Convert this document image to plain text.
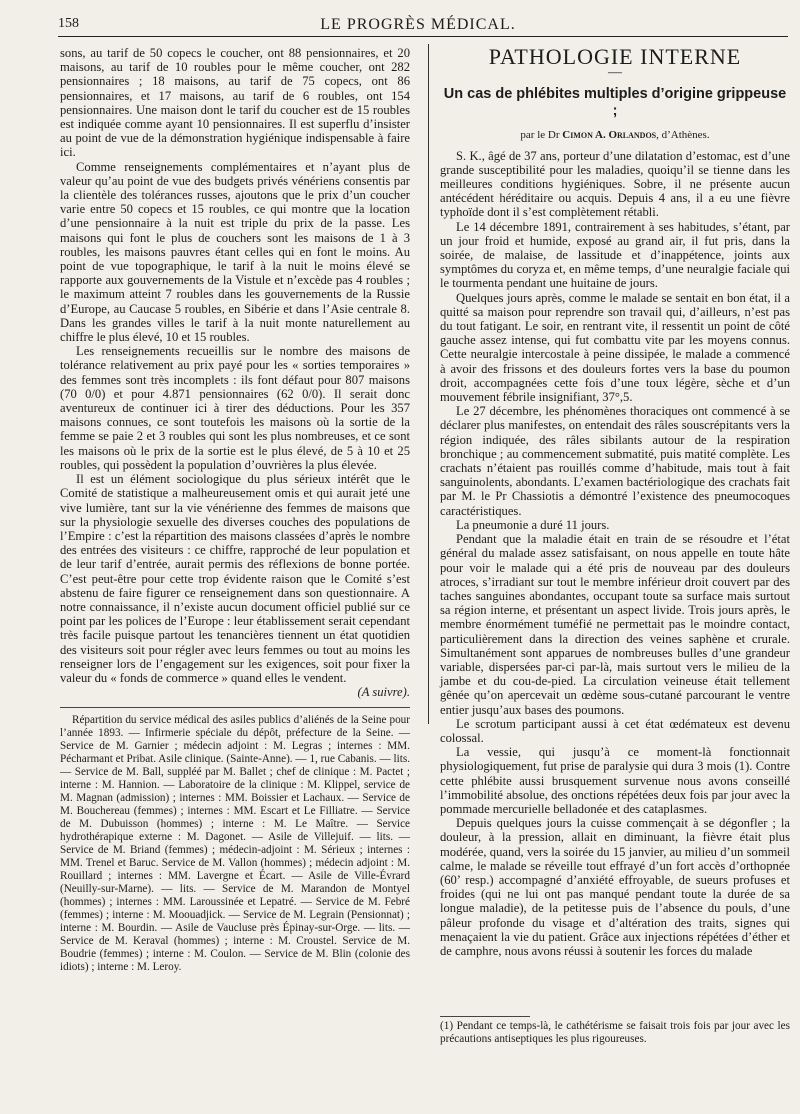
158	LE PROGRÈS MÉDICAL.

sons, au tarif de 50 copecs le coucher, ont 88 pensionnaires, et 20 maisons, au tarif de 10 roubles pour le même coucher, ont 282 pensionnaires ; 18 maisons, au tarif de 75 copecs, ont 86 pensionnaires, et 17 maisons, au tarif de 6 roubles, ont 154 pensionnaires. Une maison dont le tarif du coucher est de 15 roubles est indiquée comme ayant 10 pensionnaires. Il est superflu d’insister au point de vue de la démonstration hygiénique indispensable à faire ici.

Comme renseignements complémentaires et n’ayant plus de valeur qu’au point de vue des budgets privés vénériens consentis par la clientèle des tolérances russes, ajoutons que le prix d’un coucher varie entre 50 copecs et 15 roubles, ce qui montre que la location d’une pensionnaire à la nuit est triple du prix de la passe. Les maisons qui font le plus de couchers sont les maisons de 1 à 3 roubles, les maisons pauvres étant celles qui en font le moins. Au point de vue topographique, le tarif à la nuit le moins élevé se rapporte aux gouvernements de la Vistule et n’excède pas 4 roubles ; le maximum atteint 7 roubles dans les gouvernements de la Russie d’Europe, au Caucase 5 roubles, en Sibérie et dans l’Asie centrale 8. Dans les grandes villes le tarif à la nuit monte naturellement au chiffre le plus élevé, 10 et 15 roubles.

Les renseignements recueillis sur le nombre des maisons de tolérance relativement au prix payé pour les « sorties temporaires » des femmes sont très incomplets : ils font défaut pour 807 maisons (70 0/0) et pour 4.871 pensionnaires (62 0/0). Il serait donc aventureux de continuer ici à tirer des déductions. Pour les 357 maisons connues, ce sont toutefois les maisons où la sortie de la femme se paie 2 et 3 roubles qui sont les plus nombreuses, et ce sont les maisons où le prix de la sortie est le plus élevé, de 5 à 10 et 25 roubles, qui possèdent la population d’ouvrières la plus élevée.

Il est un élément sociologique du plus sérieux intérêt que le Comité de statistique a malheureusement omis et qui aurait jeté une vive lumière, tant sur la vie vénérienne des femmes de maisons que sur la physiologie sexuelle des diverses couches des populations de l’Empire : c’est la répartition des maisons classées d’après le nombre des entrées des visiteurs : ce chiffre, rapproché de leur population et de leur tarif d’entrée, aurait permis des réflexions de bonne portée. C’est peut-être pour cette trop évidente raison que le Comité s’est abstenu de faire figurer ce renseignement dans son questionnaire. A notre connaissance, il n’existe aucun document officiel publié sur ce point par les polices de l’Europe : leur établissement serait cependant très facile puisque partout les tenancières tiennent un état quotidien des visiteurs soit pour régler avec leurs femmes ou tout au moins les renseigner lors de l’engagement sur les exigences, soit pour fixer la valeur du « fonds de commerce » quand elles le vendent.

(A suivre).

Répartition du service médical des asiles publics d’aliénés de la Seine pour l’année 1893. — Infirmerie spéciale du dépôt, préfecture de la Seine. — Service de M. Garnier ; médecin adjoint : M. Legras ; internes : MM. Pécharmant et Pribat. Asile clinique. (Sainte-Anne). — 1, rue Cabanis. — lits. — Service de M. Ball, suppléé par M. Ballet ; chef de clinique : M. Pactet ; interne : M. Hannion. — Laboratoire de la clinique : M. Klippel, service de M. Magnan (admission) ; internes : MM. Boissier et Lachaux. — Service de M. Bouchereau (femmes) ; internes : MM. Escart et Le Filliatre. — Service de M. Dubuisson (hommes) ; interne : M. Le Maître. — Service hydrothérapique externe : M. Dagonet. — Asile de Villejuif. — lits. — Service de M. Briand (femmes) ; médecin-adjoint : M. Sérieux ; internes : MM. Trenel et Baruc. Service de M. Vallon (hommes) ; médecin adjoint : M. Rouillard ; internes : MM. Lavergne et Écart. — Asile de Ville-Évrard (Neuilly-sur-Marne). — lits. — Service de M. Marandon de Montyel (hommes) ; internes : MM. Laroussinée et Lepatré. — Service de M. Febré (femmes) ; interne : M. Moouadjick. — Service de M. Legrain (Pensionnat) ; interne : M. Bourdin. — Asile de Vaucluse près Épinay-sur-Orge. — lits. — Service de M. Keraval (hommes) ; interne : M. Croustel. Service de M. Boudrie (femmes) ; interne : M. Coulon. — Service de M. Blin (colonie des idiots) ; interne : M. Leroy.

PATHOLOGIE INTERNE
—
Un cas de phlébites multiples d’origine grippeuse ;
par le Dr Cimon A. Orlandos, d’Athènes.

S. K., âgé de 37 ans, porteur d’une dilatation d’estomac, est d’une grande susceptibilité pour les maladies, quoiqu’il se tienne dans les meilleures conditions hygiéniques. Sobre, il ne présente aucun antécédent héréditaire ou acquis. Depuis 4 ans, il a eu une fièvre typhoïde dont il s’est complètement rétabli.

Le 14 décembre 1891, contrairement à ses habitudes, s’étant, par un jour froid et humide, exposé au grand air, il fut pris, dans la soirée, de malaise, de lassitude et d’inappétence, joints aux symptômes du coryza et, en même temps, d’une neuralgie faciale qui le tourmenta pendant une huitaine de jours.

Quelques jours après, comme le malade se sentait en bon état, il a quitté sa maison pour reprendre son travail qui, d’ailleurs, n’est pas du tout fatigant. Le soir, en rentrant vite, il ressentit un point de côté gauche assez intense, qui fut combattu vite par les moyens connus. Cette neuralgie intercostale à peine dissipée, le malade a commencé à avoir des frissons et des douleurs fortes vers la base du poumon droit, accompagnées cette fois d’une toux légère, sèche et d’un mouvement fébrile insignifiant, 37°,5.

Le 27 décembre, les phénomènes thoraciques ont commencé à se déclarer plus manifestes, on entendait des râles souscrépitants vers la région indiquée, des râles sibilants autour de la respiration bronchique ; au commencement submatité, puis matité complète. Les crachats n’étaient pas rouillés comme d’habitude, mais tout à fait sanguinolents, abondants. L’examen bactériologique des crachats fait par M. le Pr Chassiotis a démontré l’existence des pneumocoques caractéristiques.

La pneumonie a duré 11 jours.

Pendant que la maladie était en train de se résoudre et l’état général du malade assez satisfaisant, on nous appelle en toute hâte pour voir le malade qui a été pris de nouveau par des douleurs atroces, s’irradiant sur tout le membre inférieur droit couvert par des taches sanguines abondantes, occupant toute sa surface mais surtout sa région interne, et présentant un aspect livide. Trois jours après, le membre énormément tuméfié ne permettait pas le moindre contact, particulièrement dans la direction des veines saphène et crurale. Simultanément sont apparues de nombreuses bulles d’une grandeur variable, dispersées par-ci par-là, mais surtout vers le milieu de la jambe et du cou-de-pied. La circulation veineuse était tellement gênée qu’on apercevait un œdème sous-cutané parcourant le ventre entier jusqu’aux bases des poumons.

Le scrotum participant aussi à cet état œdémateux est devenu colossal.

La vessie, qui jusqu’à ce moment-là fonctionnait physiologiquement, fut prise de paralysie qui dura 3 mois (1). Contre cette phlébite aussi brusquement survenue nous avons conseillé l’immobilité absolue, des onctions répétées deux fois par jour avec la pommade mercurielle belladonée et des cataplasmes.

Depuis quelques jours la cuisse commençait à se dégonfler ; la douleur, à la pression, allait en diminuant, la fièvre était plus modérée, quand, vers la soirée du 15 janvier, au milieu d’un sommeil calme, le malade se réveille tout effrayé d’un fort accès d’orthopnée (60’ resp.) accompagné d’anxiété effroyable, de sueurs profuses et froides (qui ne lui ont pas manqué pendant toute la durée de sa longue maladie), de la petitesse puis de l’absence du pouls, d’une pâleur profonde du visage et d’altération des traits, signes qui menaçaient la vie du patient. Grâce aux injections répétées d’éther et de camphre, nous avons réussi à soutenir les forces du malade

(1) Pendant ce temps-là, le cathétérisme se faisait trois fois par jour avec les précautions antiseptiques les plus rigoureuses.
